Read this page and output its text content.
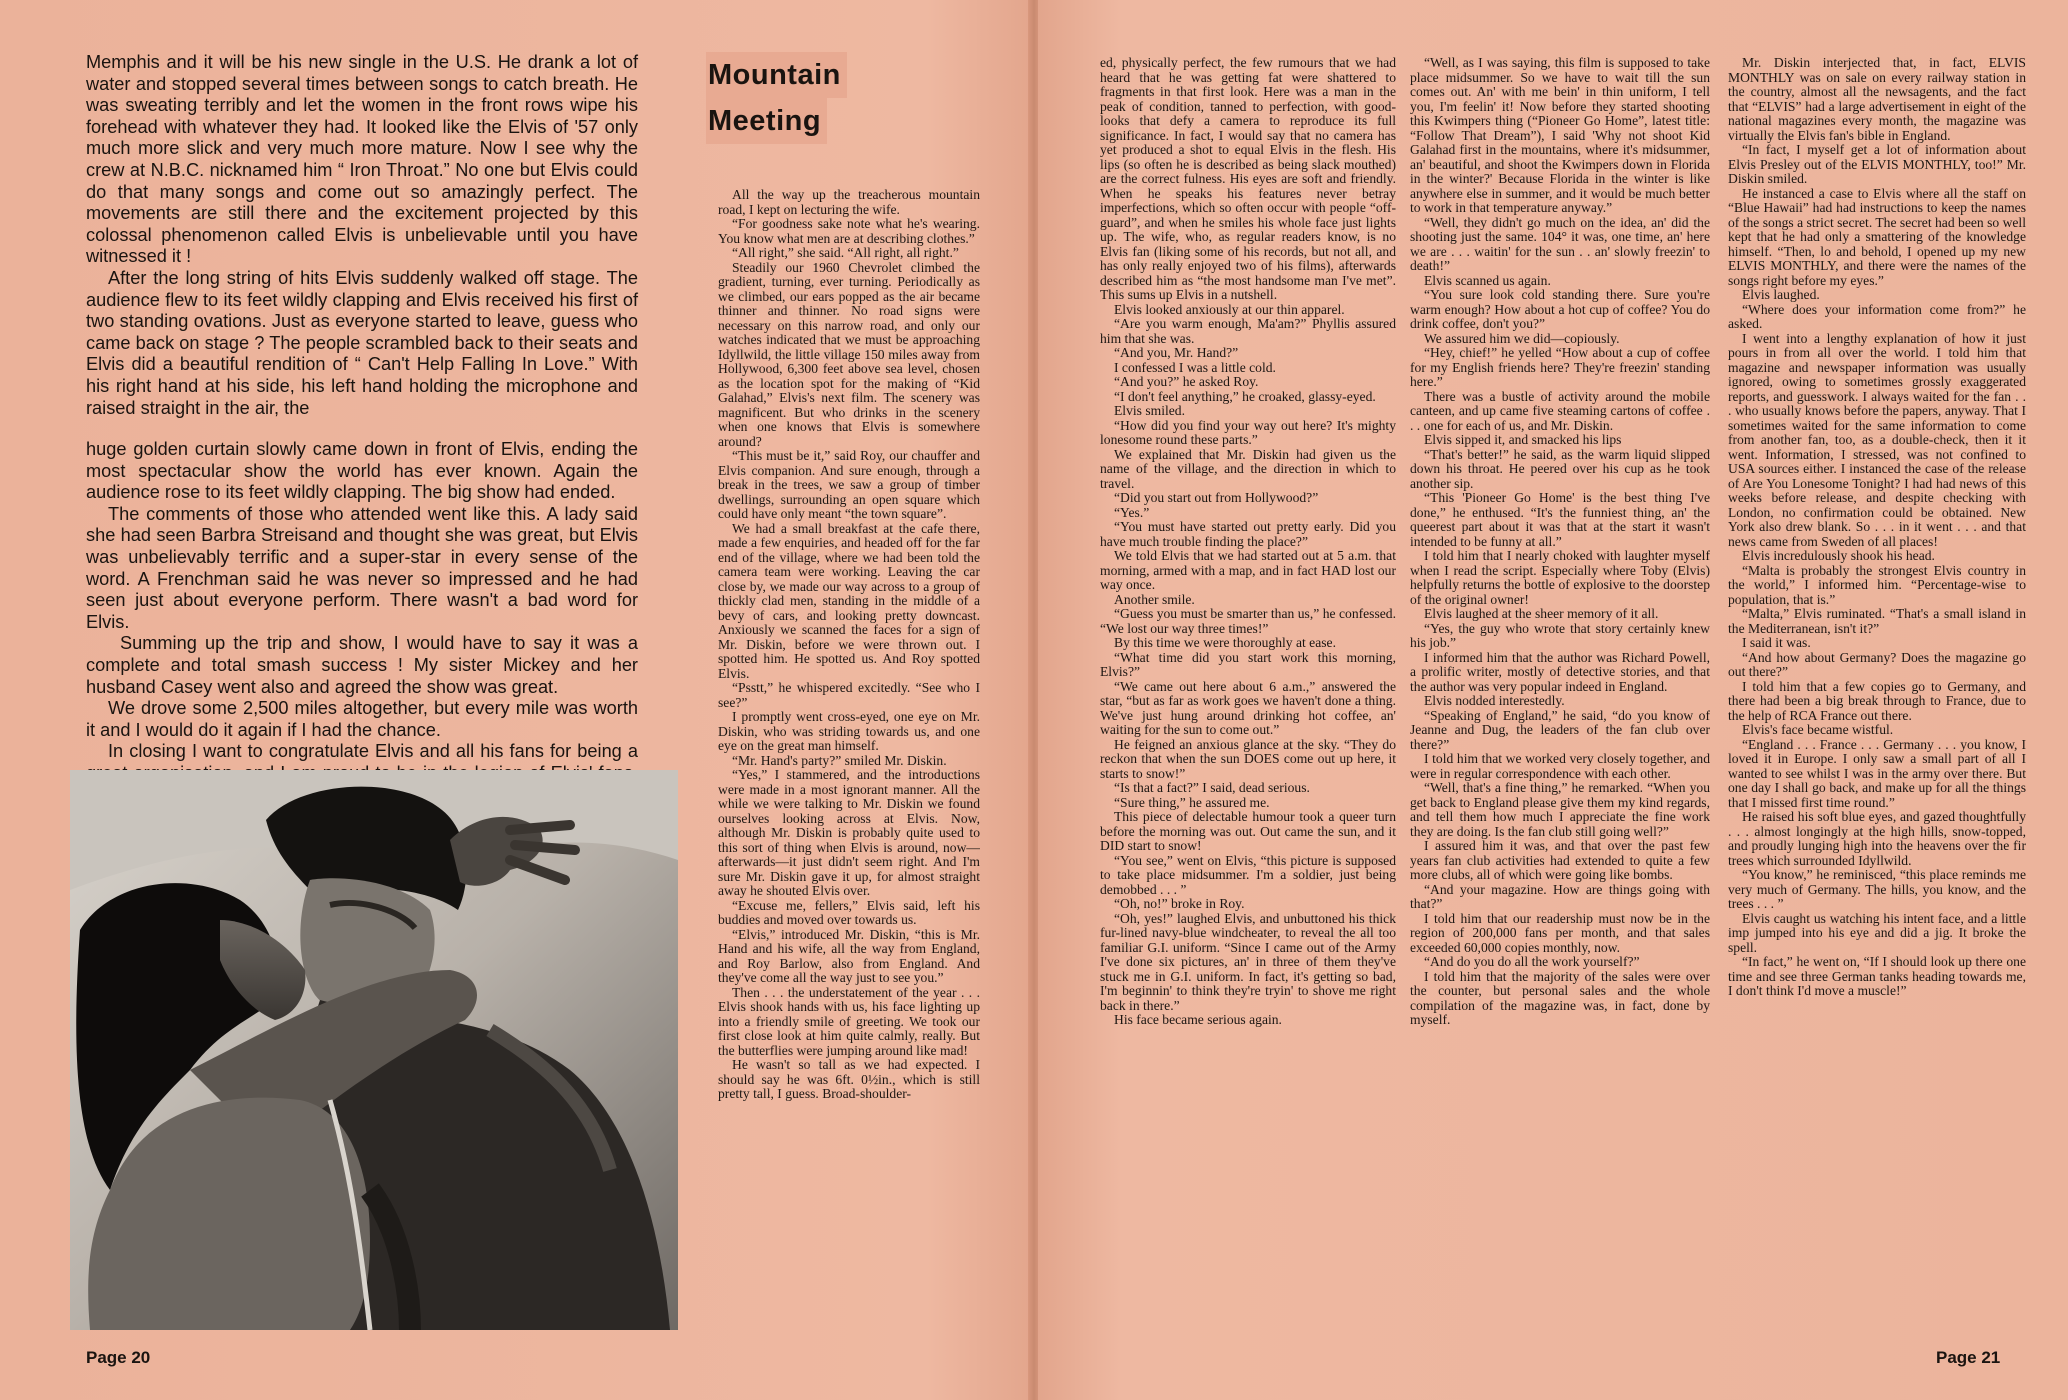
Memphis and it will be his new single in the U.S. He drank a lot of water and stopped several times between songs to catch breath. He was sweating terribly and let the women in the front rows wipe his forehead with whatever they had. It looked like the Elvis of '57 only much more slick and very much more mature. Now I see why the crew at N.B.C. nicknamed him “ Iron Throat.” No one but Elvis could do that many songs and come out so amazingly perfect. The movements are still there and the excitement projected by this colossal phenomenon called Elvis is unbelievable until you have witnessed it !

After the long string of hits Elvis suddenly walked off stage. The audience flew to its feet wildly clapping and Elvis received his first of two standing ovations. Just as everyone started to leave, guess who came back on stage ? The people scrambled back to their seats and Elvis did a beautiful rendition of “ Can't Help Falling In Love.” With his right hand at his side, his left hand holding the microphone and raised straight in the air, the

huge golden curtain slowly came down in front of Elvis, ending the most spectacular show the world has ever known. Again the audience rose to its feet wildly clapping. The big show had ended.

The comments of those who attended went like this. A lady said she had seen Barbra Streisand and thought she was great, but Elvis was unbelievably terrific and a super-star in every sense of the word. A Frenchman said he was never so impressed and he had seen just about everyone perform. There wasn't a bad word for Elvis.

Summing up the trip and show, I would have to say it was a complete and total smash success ! My sister Mickey and her husband Casey went also and agreed the show was great.

We drove some 2,500 miles altogether, but every mile was worth it and I would do it again if I had the chance.

In closing I want to congratulate Elvis and all his fans for being a

Mountain
Meeting

All the way up the treacherous mountain road, I kept on lecturing the wife.

“For goodness sake note what he's wearing. You know what men are at describing clothes.”

“All right,” she said. “All right, all right.”

Steadily our 1960 Chevrolet climbed the gradient, turning, ever turning. Periodically as we climbed, our ears popped as the air became thinner and thinner. No road signs were necessary on this narrow road, and only our watches indicated that we must be approaching Idyllwild, the little village 150 miles away from Hollywood, 6,300 feet above sea level, chosen as the location spot for the making of “Kid Galahad,” Elvis's next film. The scenery was magnificent. But who drinks in the scenery when one knows that Elvis is somewhere around?

“This must be it,” said Roy, our chauffer and Elvis companion. And sure enough, through a break in the trees, we saw a group of timber dwellings, surrounding an open square which could have only meant “the town square”.

We had a small breakfast at the cafe there, made a few enquiries, and headed off for the far end of the village, where we had been told the camera team were working. Leaving the car close by, we made our way across to a group of thickly clad men, standing in the middle of a bevy of cars, and looking pretty downcast. Anxiously we scanned the faces for a sign of Mr. Diskin, before we were thrown out. I spotted him. He spotted us. And Roy spotted Elvis.

“Psstt,” he whispered excitedly. “See who I see?”

I promptly went cross-eyed, one eye on Mr. Diskin, who was striding towards us, and one eye on the great man himself.

“Mr. Hand's party?” smiled Mr. Diskin.

“Yes,” I stammered, and the introductions were made in a most ignorant manner. All the while we were talking to Mr. Diskin we found ourselves looking across at Elvis. Now, although Mr. Diskin is probably quite used to this sort of thing when Elvis is around, now—afterwards—it just didn't seem right. And I'm sure Mr. Diskin gave it up, for almost straight away he shouted Elvis over.

“Excuse me, fellers,” Elvis said, left his buddies and moved over towards us.

“Elvis,” introduced Mr. Diskin, “this is Mr. Hand and his wife, all the way from England, and Roy Barlow, also from England. And they've come all the way just to see you.”

Then . . . the understatement of the year . . . Elvis shook hands with us, his face lighting up into a friendly smile of greeting. We took our first close look at him quite calmly, really. But the butterflies were jumping around like mad!

He wasn't so tall as we had expected. I should say he was 6ft. 0½in., which is still pretty tall, I guess. Broad-shoulder-

Page 20

ed, physically perfect, the few rumours that we had heard that he was getting fat were shattered to fragments in that first look. Here was a man in the peak of condition, tanned to perfection, with good-looks that defy a camera to reproduce its full significance. In fact, I would say that no camera has yet produced a shot to equal Elvis in the flesh. His lips (so often he is described as being slack mouthed) are the correct fulness. His eyes are soft and friendly. When he speaks his features never betray imperfections, which so often occur with people “off-guard”, and when he smiles his whole face just lights up. The wife, who, as regular readers know, is no Elvis fan (liking some of his records, but not all, and has only really enjoyed two of his films), afterwards described him as “the most handsome man I've met”. This sums up Elvis in a nutshell.

Elvis looked anxiously at our thin apparel.

“Are you warm enough, Ma'am?” Phyllis assured him that she was.

“And you, Mr. Hand?”

I confessed I was a little cold.

“And you?” he asked Roy.

“I don't feel anything,” he croaked, glassy-eyed.

Elvis smiled.

“How did you find your way out here? It's mighty lonesome round these parts.”

We explained that Mr. Diskin had given us the name of the village, and the direction in which to travel.

“Did you start out from Hollywood?”

“Yes.”

“You must have started out pretty early. Did you have much trouble finding the place?”

We told Elvis that we had started out at 5 a.m. that morning, armed with a map, and in fact HAD lost our way once.

Another smile.

“Guess you must be smarter than us,” he confessed. “We lost our way three times!”

By this time we were thoroughly at ease.

“What time did you start work this morning, Elvis?”

“We came out here about 6 a.m.,” answered the star, “but as far as work goes we haven't done a thing. We've just hung around drinking hot coffee, an' waiting for the sun to come out.”

He feigned an anxious glance at the sky. “They do reckon that when the sun DOES come out up here, it starts to snow!”

“Is that a fact?” I said, dead serious.

“Sure thing,” he assured me.

This piece of delectable humour took a queer turn before the morning was out. Out came the sun, and it DID start to snow!

“You see,” went on Elvis, “this picture is supposed to take place midsummer. I'm a soldier, just being demobbed . . . ”

“Oh, no!” broke in Roy.

“Oh, yes!” laughed Elvis, and unbuttoned his thick fur-lined navy-blue windcheater, to reveal the all too familiar G.I. uniform. “Since I came out of the Army I've done six pictures, an' in three of them they've stuck me in G.I. uniform. In fact, it's getting so bad, I'm beginnin' to think they're tryin' to shove me right back in there.”

His face became serious again.

“Well, as I was saying, this film is supposed to take place midsummer. So we have to wait till the sun comes out. An' with me bein' in thin uniform, I tell you, I'm feelin' it! Now before they started shooting this Kwimpers thing (“Pioneer Go Home”, latest title: “Follow That Dream”), I said 'Why not shoot Kid Galahad first in the mountains, where it's midsummer, an' beautiful, and shoot the Kwimpers down in Florida in the winter?' Because Florida in the winter is like anywhere else in summer, and it would be much better to work in that temperature anyway.”

“Well, they didn't go much on the idea, an' did the shooting just the same. 104° it was, one time, an' here we are . . . waitin' for the sun . . an' slowly freezin' to death!”

Elvis scanned us again.

“You sure look cold standing there. Sure you're warm enough? How about a hot cup of coffee? You do drink coffee, don't you?”

We assured him we did—copiously.

“Hey, chief!” he yelled “How about a cup of coffee for my English friends here? They're freezin' standing here.”

There was a bustle of activity around the mobile canteen, and up came five steaming cartons of coffee . . . one for each of us, and Mr. Diskin.

Elvis sipped it, and smacked his lips

“That's better!” he said, as the warm liquid slipped down his throat. He peered over his cup as he took another sip.

“This 'Pioneer Go Home' is the best thing I've done,” he enthused. “It's the funniest thing, an' the queerest part about it was that at the start it wasn't intended to be funny at all.”

I told him that I nearly choked with laughter myself when I read the script. Especially where Toby (Elvis) helpfully returns the bottle of explosive to the doorstep of the original owner!

Elvis laughed at the sheer memory of it all.

“Yes, the guy who wrote that story certainly knew his job.”

I informed him that the author was Richard Powell, a prolific writer, mostly of detective stories, and that the author was very popular indeed in England.

Elvis nodded interestedly.

“Speaking of England,” he said, “do you know of Jeanne and Dug, the leaders of the fan club over there?”

I told him that we worked very closely together, and were in regular correspondence with each other.

“Well, that's a fine thing,” he remarked. “When you get back to England please give them my kind regards, and tell them how much I appreciate the fine work they are doing. Is the fan club still going well?”

I assured him it was, and that over the past few years fan club activities had extended to quite a few more clubs, all of which were going like bombs.

“And your magazine. How are things going with that?”

I told him that our readership must now be in the region of 200,000 fans per month, and that sales exceeded 60,000 copies monthly, now.

“And do you do all the work yourself?”

I told him that the majority of the sales were over the counter, but personal sales and the whole compilation of the magazine was, in fact, done by myself.

Mr. Diskin interjected that, in fact, ELVIS MONTHLY was on sale on every railway station in the country, almost all the newsagents, and the fact that “ELVIS” had a large advertisement in eight of the national magazines every month, the magazine was virtually the Elvis fan's bible in England.

“In fact, I myself get a lot of information about Elvis Presley out of the ELVIS MONTHLY, too!” Mr. Diskin smiled.

He instanced a case to Elvis where all the staff on “Blue Hawaii” had had instructions to keep the names of the songs a strict secret. The secret had been so well kept that he had only a smattering of the knowledge himself. “Then, lo and behold, I opened up my new ELVIS MONTHLY, and there were the names of the songs right before my eyes.”

Elvis laughed.

“Where does your information come from?” he asked.

I went into a lengthy explanation of how it just pours in from all over the world. I told him that magazine and newspaper information was usually ignored, owing to sometimes grossly exaggerated reports, and guesswork. I always waited for the fan . . . who usually knows before the papers, anyway. That I sometimes waited for the same information to come from another fan, too, as a double-check, then it it went. Information, I stressed, was not confined to USA sources either. I instanced the case of the release of Are You Lonesome Tonight? I had had news of this weeks before release, and despite checking with London, no confirmation could be obtained. New York also drew blank. So . . . in it went . . . and that news came from Sweden of all places!

Elvis incredulously shook his head.

“Malta is probably the strongest Elvis country in the world,” I informed him. “Percentage-wise to population, that is.”

“Malta,” Elvis ruminated. “That's a small island in the Mediterranean, isn't it?”

I said it was.

“And how about Germany? Does the magazine go out there?”

I told him that a few copies go to Germany, and there had been a big break through to France, due to the help of RCA France out there.

Elvis's face became wistful.

“England . . . France . . . Germany . . . you know, I loved it in Europe. I only saw a small part of all I wanted to see whilst I was in the army over there. But one day I shall go back, and make up for all the things that I missed first time round.”

He raised his soft blue eyes, and gazed thoughtfully . . . almost longingly at the high hills, snow-topped, and proudly lunging high into the heavens over the fir trees which surrounded Idyllwild.

“You know,” he reminisced, “this place reminds me very much of Germany. The hills, you know, and the trees . . . ”

Elvis caught us watching his intent face, and a little imp jumped into his eye and did a jig. It broke the spell.

“In fact,” he went on, “If I should look up there one time and see three German tanks heading towards me, I don't think I'd move a muscle!”

Page 21
